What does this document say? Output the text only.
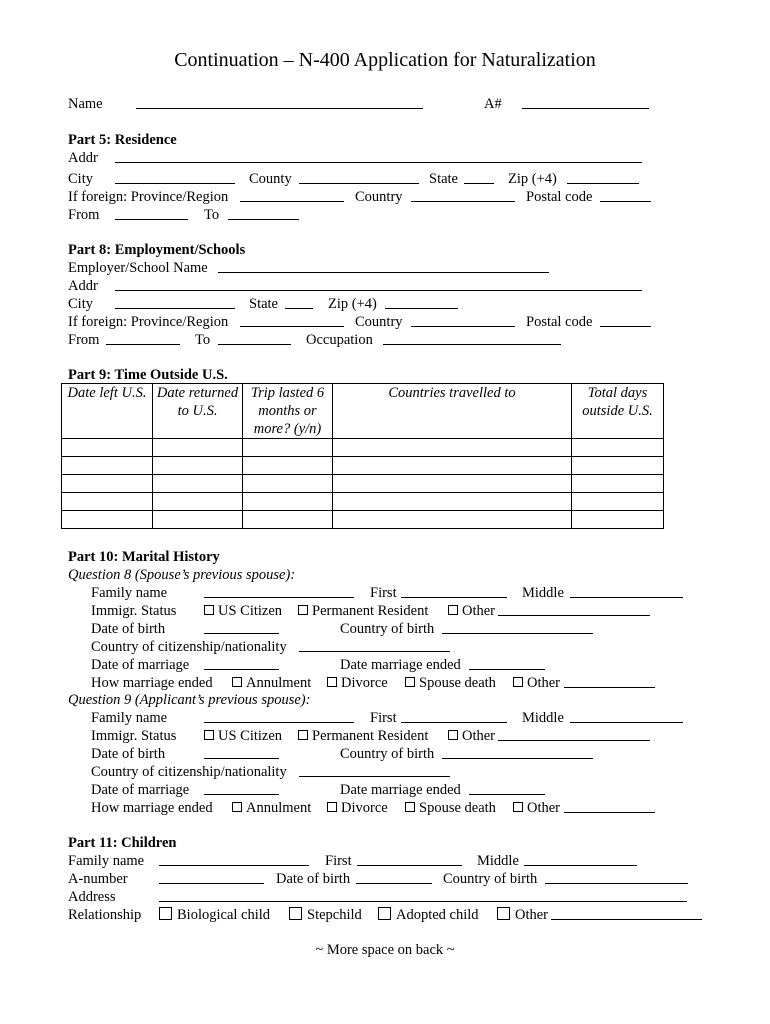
Continuation – N-400 Application for Naturalization
Name	A#
Part 5: Residence
Addr
City	County	State	Zip (+4)
If foreign: Province/Region	Country	Postal code
From	To
Part 8: Employment/Schools
Employer/School Name
Addr
City	State	Zip (+4)
If foreign: Province/Region	Country	Postal code
From	To	Occupation
Part 9: Time Outside U.S.
Date left U.S.	Date returned to U.S.	Trip lasted 6 months or more? (y/n)	Countries travelled to	Total days outside U.S.

Part 10: Marital History
Question 8 (Spouse’s previous spouse):
Family name	First	Middle
Immigr. Status	US Citizen	Permanent Resident	Other
Date of birth	Country of birth
Country of citizenship/nationality
Date of marriage	Date marriage ended
How marriage ended	Annulment	Divorce	Spouse death	Other
Question 9 (Applicant’s previous spouse):
Family name	First	Middle
Immigr. Status	US Citizen	Permanent Resident	Other
Date of birth	Country of birth
Country of citizenship/nationality
Date of marriage	Date marriage ended
How marriage ended	Annulment	Divorce	Spouse death	Other
Part 11: Children
Family name	First	Middle
A-number	Date of birth	Country of birth
Address
Relationship	Biological child	Stepchild	Adopted child	Other
~ More space on back ~
